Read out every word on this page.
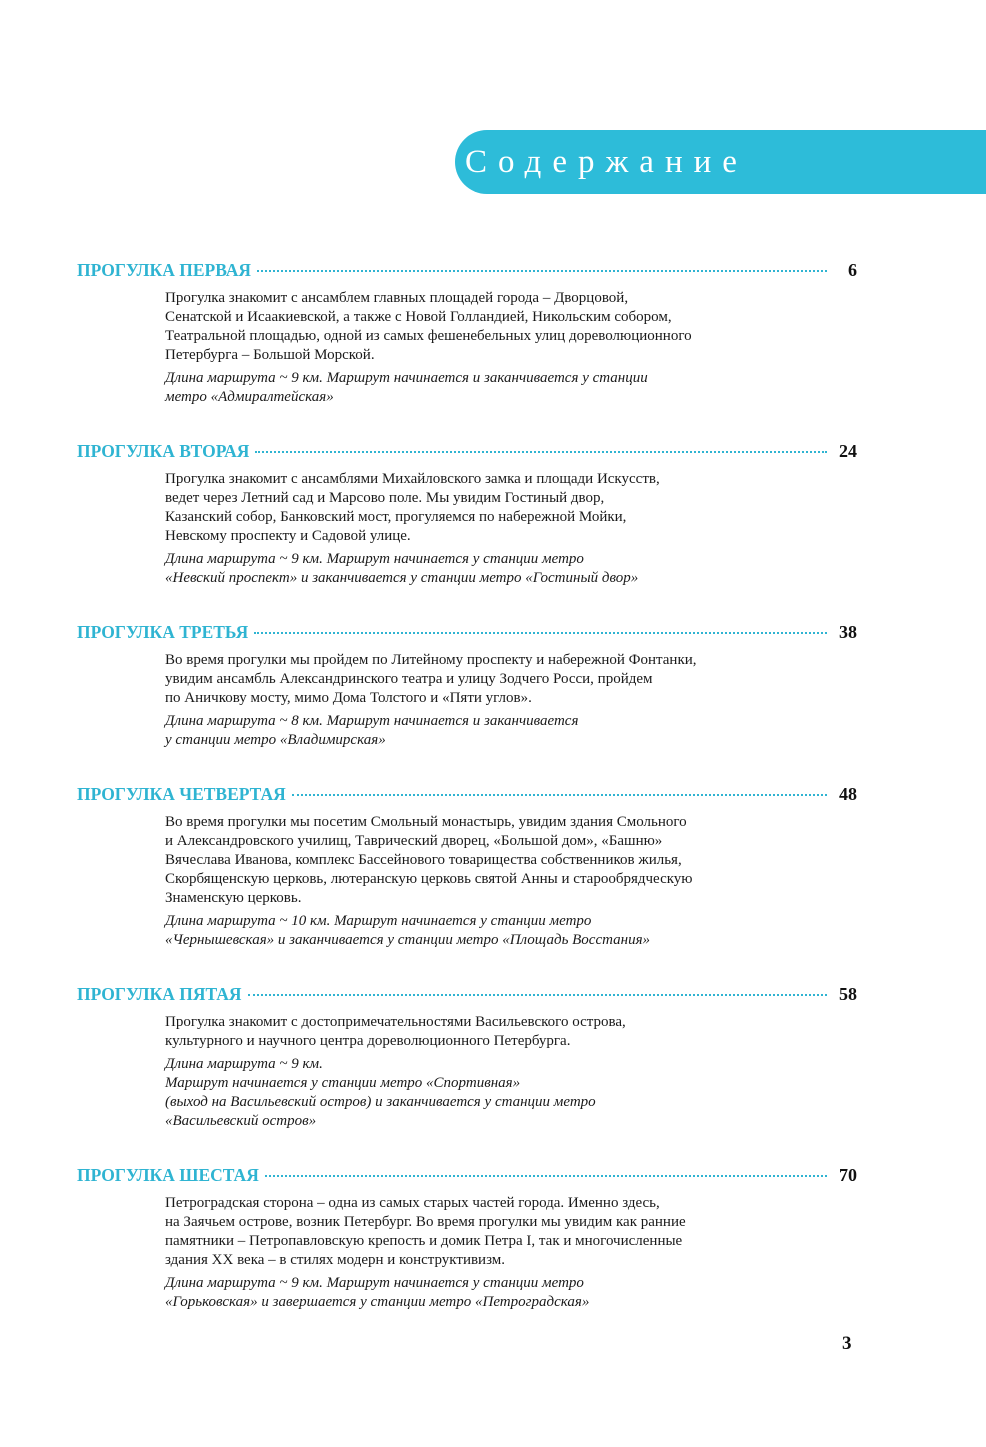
Содержание
ПРОГУЛКА ПЕРВАЯ	6
Прогулка знакомит с ансамблем главных площадей города – Дворцовой,
Сенатской и Исаакиевской, а также с Новой Голландией, Никольским собором,
Театральной площадью, одной из самых фешенебельных улиц дореволюционного
Петербурга – Большой Морской.
Длина маршрута ~ 9 км. Маршрут начинается и заканчивается у станции
метро «Адмиралтейская»
ПРОГУЛКА ВТОРАЯ	24
Прогулка знакомит с ансамблями Михайловского замка и площади Искусств,
ведет через Летний сад и Марсово поле. Мы увидим Гостиный двор,
Казанский собор, Банковский мост, прогуляемся по набережной Мойки,
Невскому проспекту и Садовой улице.
Длина маршрута ~ 9 км. Маршрут начинается у станции метро
«Невский проспект» и заканчивается у станции метро «Гостиный двор»
ПРОГУЛКА ТРЕТЬЯ	38
Во время прогулки мы пройдем по Литейному проспекту и набережной Фонтанки,
увидим ансамбль Александринского театра и улицу Зодчего Росси, пройдем
по Аничкову мосту, мимо Дома Толстого и «Пяти углов».
Длина маршрута ~ 8 км. Маршрут начинается и заканчивается
у станции метро «Владимирская»
ПРОГУЛКА ЧЕТВЕРТАЯ	48
Во время прогулки мы посетим Смольный монастырь, увидим здания Смольного
и Александровского училищ, Таврический дворец, «Большой дом», «Башню»
Вячеслава Иванова, комплекс Бассейнового товарищества собственников жилья,
Скорбященскую церковь, лютеранскую церковь святой Анны и старообрядческую
Знаменскую церковь.
Длина маршрута ~ 10 км. Маршрут начинается у станции метро
«Чернышевская» и заканчивается у станции метро «Площадь Восстания»
ПРОГУЛКА ПЯТАЯ	58
Прогулка знакомит с достопримечательностями Васильевского острова,
культурного и научного центра дореволюционного Петербурга.
Длина маршрута ~ 9 км.
Маршрут начинается у станции метро «Спортивная»
(выход на Васильевский остров) и заканчивается у станции метро
«Васильевский остров»
ПРОГУЛКА ШЕСТАЯ	70
Петроградская сторона – одна из самых старых частей города. Именно здесь,
на Заячьем острове, возник Петербург. Во время прогулки мы увидим как ранние
памятники – Петропавловскую крепость и домик Петра I, так и многочисленные
здания XX века – в стилях модерн и конструктивизм.
Длина маршрута ~ 9 км. Маршрут начинается у станции метро
«Горьковская» и завершается у станции метро «Петроградская»
3
